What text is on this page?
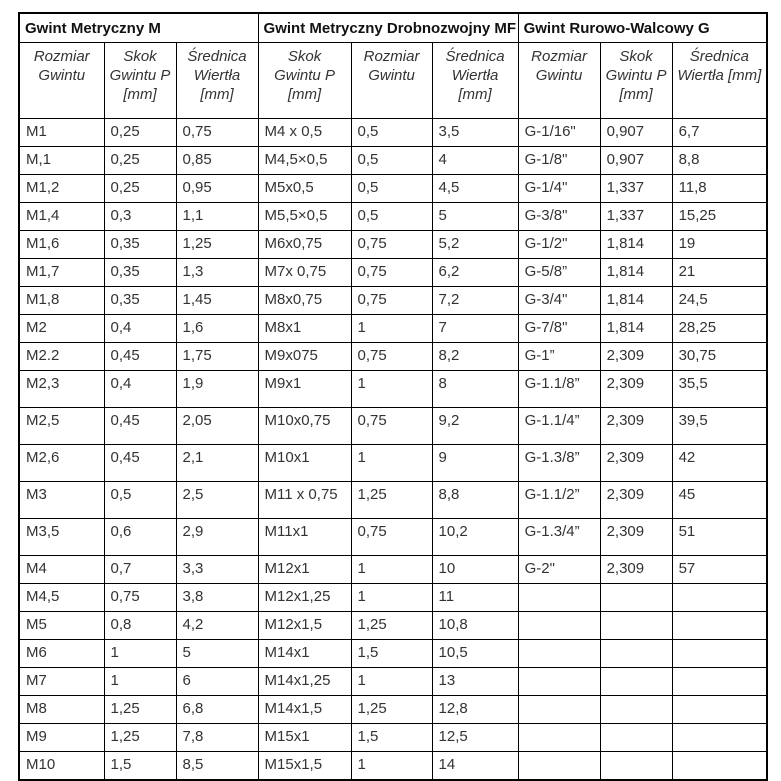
Gwint Metryczny M			Gwint Metryczny Drobnozwojny MF			Gwint Rurowo-Walcowy G		
Rozmiar Gwintu	Skok Gwintu P [mm]	Średnica Wiertła [mm]	Skok Gwintu P [mm]	Rozmiar Gwintu	Średnica Wiertła [mm]	Rozmiar Gwintu	Skok Gwintu P [mm]	Średnica Wiertła [mm]
M1	0,25	0,75	M4 x 0,5	0,5	3,5	G-1/16"	0,907	6,7
M,1	0,25	0,85	M4,5×0,5	0,5	4	G-1/8"	0,907	8,8
M1,2	0,25	0,95	M5x0,5	0,5	4,5	G-1/4"	1,337	11,8
M1,4	0,3	1,1	M5,5×0,5	0,5	5	G-3/8"	1,337	15,25
M1,6	0,35	1,25	M6x0,75	0,75	5,2	G-1/2"	1,814	19
M1,7	0,35	1,3	M7x 0,75	0,75	6,2	G-5/8”	1,814	21
M1,8	0,35	1,45	M8x0,75	0,75	7,2	G-3/4"	1,814	24,5
M2	0,4	1,6	M8x1	1	7	G-7/8"	1,814	28,25
M2.2	0,45	1,75	M9x075	0,75	8,2	G-1”	2,309	30,75
M2,3	0,4	1,9	M9x1	1	8	G-1.1/8”	2,309	35,5
M2,5	0,45	2,05	M10x0,75	0,75	9,2	G-1.1/4”	2,309	39,5
M2,6	0,45	2,1	M10x1	1	9	G-1.3/8”	2,309	42
M3	0,5	2,5	M11 x 0,75	1,25	8,8	G-1.1/2”	2,309	45
M3,5	0,6	2,9	M11x1	0,75	10,2	G-1.3/4”	2,309	51
M4	0,7	3,3	M12x1	1	10	G-2"	2,309	57
M4,5	0,75	3,8	M12x1,25	1	11			
M5	0,8	4,2	M12x1,5	1,25	10,8			
M6	1	5	M14x1	1,5	10,5			
M7	1	6	M14x1,25	1	13			
M8	1,25	6,8	M14x1,5	1,25	12,8			
M9	1,25	7,8	M15x1	1,5	12,5			
M10	1,5	8,5	M15x1,5	1	14			
